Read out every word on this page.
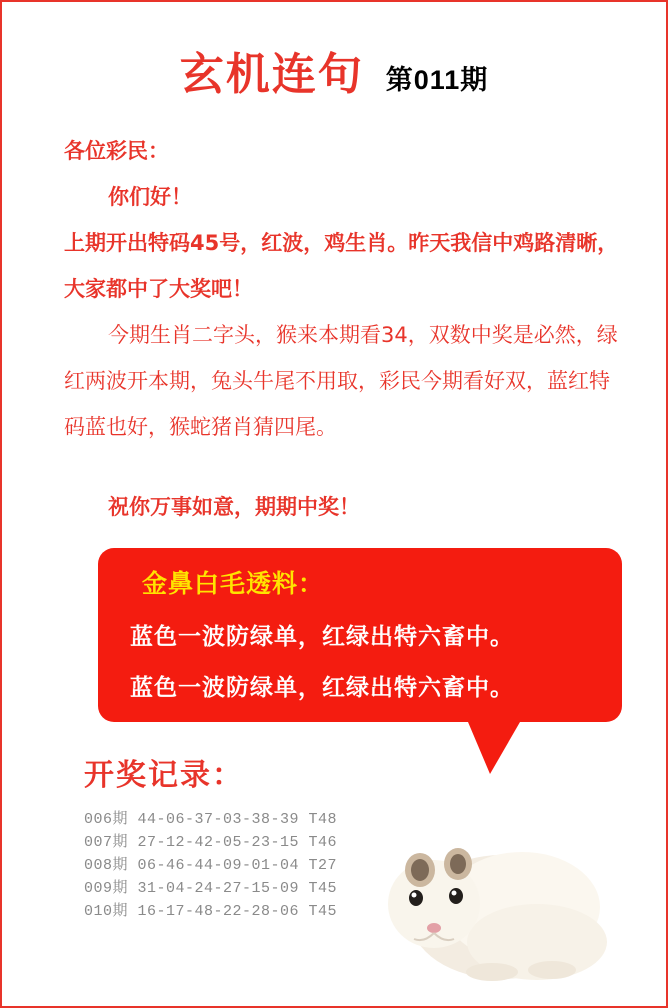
玄机连句 第011期
各位彩民：
你们好！
上期开出特码45号，红波，鸡生肖。昨天我信中鸡路清晰，大家都中了大奖吧！
今期生肖二字头，猴来本期看34，双数中奖是必然，绿红两波开本期，兔头牛尾不用取，彩民今期看好双，蓝红特码蓝也好，猴蛇猪肖猜四尾。
祝你万事如意，期期中奖！
金鼻白毛透料：
蓝色一波防绿单，红绿出特六畜中。
蓝色一波防绿单，红绿出特六畜中。
开奖记录：
006期 44-06-37-03-38-39 T48
007期 27-12-42-05-23-15 T46
008期 06-46-44-09-01-04 T27
009期 31-04-24-27-15-09 T45
010期 16-17-48-22-28-06 T45
